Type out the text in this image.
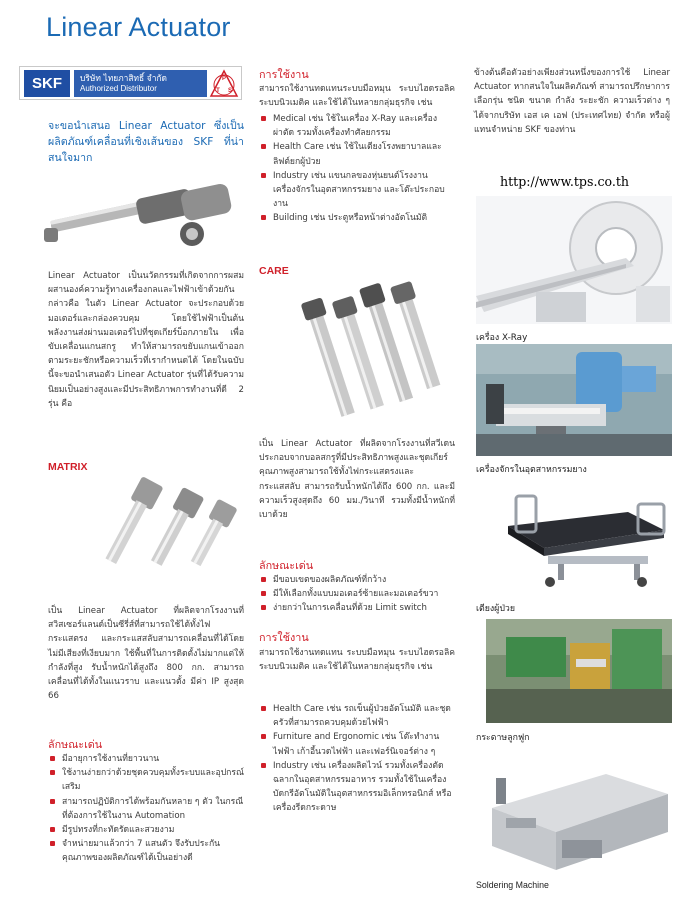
Linear Actuator
SKF	บริษัท ไทยภาสิทธิ์ จำกัด
Authorized Distributor
P
T S
จะขอนำเสนอ Linear Actuator ซึ่งเป็นผลิตภัณฑ์เคลื่อนที่เชิงเส้นของ SKF ที่น่าสนใจมาก
Linear Actuator เป็นนวัตกรรมที่เกิดจากการผสมผสานองค์ความรู้ทางเครื่องกลและไฟฟ้าเข้าด้วยกัน กล่าวคือ ในตัว Linear Actuator จะประกอบด้วยมอเตอร์และกล่องควบคุม โดยใช้ไฟฟ้าเป็นต้นพลังงานส่งผ่านมอเตอร์ไปที่ชุดเกียร์บ็อกภายใน เพื่อขับเคลื่อนแกนสกรู ทำให้สามารถขยับแกนเข้าออก ตามระยะชักหรือความเร็วที่เรากำหนดได้ โดยในฉบับนี้จะขอนำเสนอตัว Linear Actuator รุ่นที่ได้รับความนิยมเป็นอย่างสูงและมีประสิทธิภาพการทำงานที่ดี 2 รุ่น คือ
MATRIX
เป็น Linear Actuator ที่ผลิตจากโรงงานที่สวิสเซอร์แลนด์เป็นซีรี่ส์ที่สามารถใช้ได้ทั้งไฟกระแสตรง และกระแสสลับสามารถเคลื่อนที่ได้โดยไม่มีเสียงที่เงียบมาก ใช้พื้นที่ในการติดตั้งไม่มากแต่ให้กำลังที่สูง รับน้ำหนักได้สูงถึง 800 กก. สามารถเคลื่อนที่ได้ทั้งในแนวราบ และแนวตั้ง มีค่า IP สูงสุด 66
ลักษณะเด่น
มีอายุการใช้งานที่ยาวนาน
ใช้งานง่ายกว่าด้วยชุดควบคุมทั้งระบบและอุปกรณ์เสริม
สามารถปฏิบัติการได้พร้อมกันหลาย ๆ ตัว ในกรณีที่ต้องการใช้ในงาน Automation
มีรูปทรงที่กะทัดรัดและสวยงาม
จำหน่ายมาแล้วกว่า 7 แสนตัว จึงรับประกันคุณภาพของผลิตภัณฑ์ได้เป็นอย่างดี
การใช้งาน
สามารถใช้งานทดแทนระบบมือหมุน ระบบไฮดรอลิค ระบบนิวเมติค และใช้ได้ในหลายกลุ่มธุรกิจ เช่น
Medical เช่น ใช้ในเครื่อง X-Ray และเครื่องผ่าตัด รวมทั้งเครื่องทำศัลยกรรม
Health Care เช่น ใช้ในเตียงโรงพยาบาลและลิฟต์ยกผู้ป่วย
Industry เช่น แขนกลของหุ่นยนต์โรงงาน เครื่องจักรในอุตสาหกรรมยาง และโต๊ะประกอบงาน
Building เช่น ประตูหรือหน้าต่างอัตโนมัติ
CARE
เป็น Linear Actuator ที่ผลิตจากโรงงานที่สวีเดน ประกอบจากบอลสกรูที่มีประสิทธิภาพสูงและชุดเกียร์คุณภาพสูงสามารถใช้ทั้งไฟกระแสตรงและกระแสสลับ สามารถรับน้ำหนักได้ถึง 600 กก. และมีความเร็วสูงสุดถึง 60 มม./วินาที รวมทั้งมีน้ำหนักที่เบาด้วย
ลักษณะเด่น
มีขอบเขตของผลิตภัณฑ์ที่กว้าง
มีให้เลือกทั้งแบบมอเตอร์ซ้ายและมอเตอร์ขวา
ง่ายกว่าในการเคลื่อนที่ด้วย Limit switch
การใช้งาน
สามารถใช้งานทดแทน ระบบมือหมุน ระบบไฮดรอลิค ระบบนิวเมติค และใช้ได้ในหลายกลุ่มธุรกิจ เช่น
Health Care เช่น รถเข็นผู้ป่วยอัตโนมัติ และชุดครัวที่สามารถควบคุมด้วยไฟฟ้า
Furniture and Ergonomic เช่น โต๊ะทำงานไฟฟ้า เก้าอี้นวดไฟฟ้า และเฟอร์นิเจอร์ต่าง ๆ
Industry เช่น เครื่องผลิตไวน์ รวมทั้งเครื่องตัดฉลากในอุตสาหกรรมอาหาร รวมทั้งใช้ในเครื่องบัดกรีอัตโนมัติในอุตสาหกรรมอิเล็กทรอนิกส์ หรือเครื่องรีดกระดาษ
ข้างต้นคือตัวอย่างเพียงส่วนหนึ่งของการใช้ Linear Actuator หากสนใจในผลิตภัณฑ์ สามารถปรึกษาการเลือกรุ่น ชนิด ขนาด กำลัง ระยะชัก ความเร็วต่าง ๆ ได้จากบริษัท เอส เค เอฟ (ประเทศไทย) จำกัด หรือผู้แทนจำหน่าย SKF ของท่าน
http://www.tps.co.th
เครื่อง X-Ray
เครื่องจักรในอุตสาหกรรมยาง
เตียงผู้ป่วย
กระดาษลูกฟูก
Soldering Machine
